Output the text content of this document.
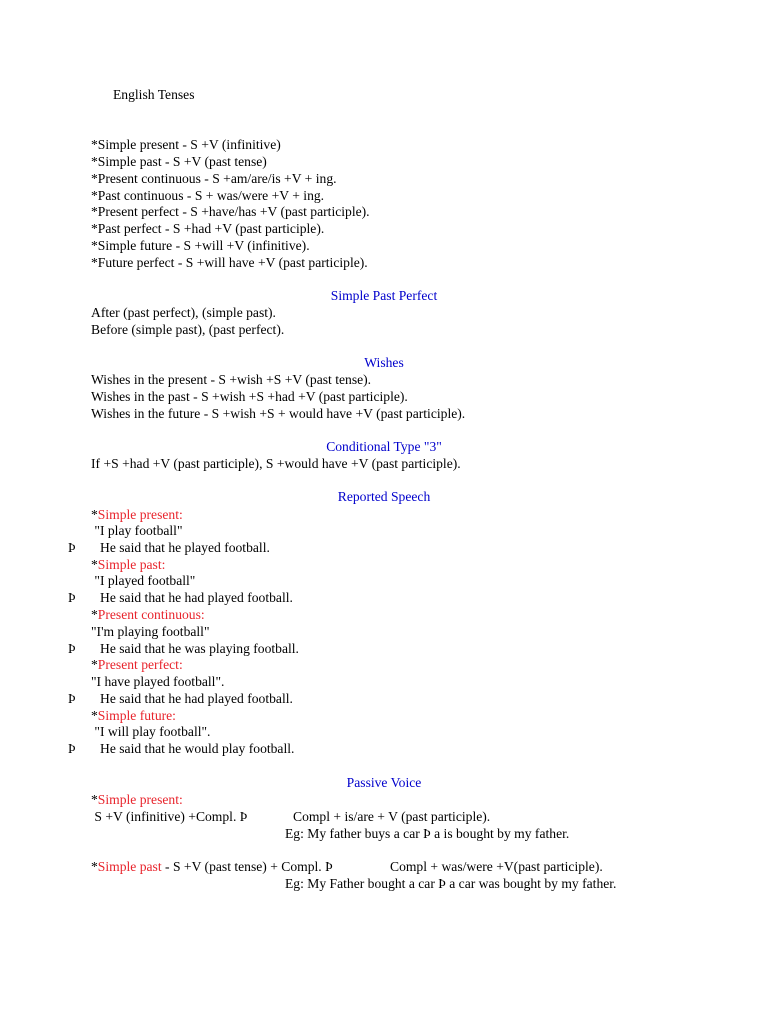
English Tenses
*Simple present - S +V (infinitive)
*Simple past - S +V (past tense)
*Present continuous - S +am/are/is +V + ing.
*Past continuous - S + was/were +V + ing.
*Present perfect - S +have/has +V (past participle).
*Past perfect - S +had +V (past participle).
*Simple future - S +will +V (infinitive).
*Future perfect - S +will have +V (past participle).
Simple Past Perfect
After (past perfect), (simple past).
Before (simple past), (past perfect).
Wishes
Wishes in the present - S +wish +S +V (past tense).
Wishes in the past - S +wish +S +had +V (past participle).
Wishes in the future - S +wish +S + would have +V (past participle).
Conditional Type "3"
If +S +had +V (past participle), S +would have +V (past participle).
Reported Speech
*Simple present:
"I play football"
Þ He said that he played football.
*Simple past:
"I played football"
Þ He said that he had played football.
*Present continuous:
"I'm playing football"
Þ He said that he was playing football.
*Present perfect:
"I have played football".
Þ He said that he had played football.
*Simple future:
"I will play football".
Þ He said that he would play football.
Passive Voice
*Simple present:
S +V (infinitive) +Compl. Þ	Compl + is/are + V (past participle).
Eg: My father buys a car Þ a is bought by my father.
*Simple past - S +V (past tense) + Compl. Þ	Compl + was/were +V(past participle).
Eg: My Father bought a car Þ a car was bought by my father.
